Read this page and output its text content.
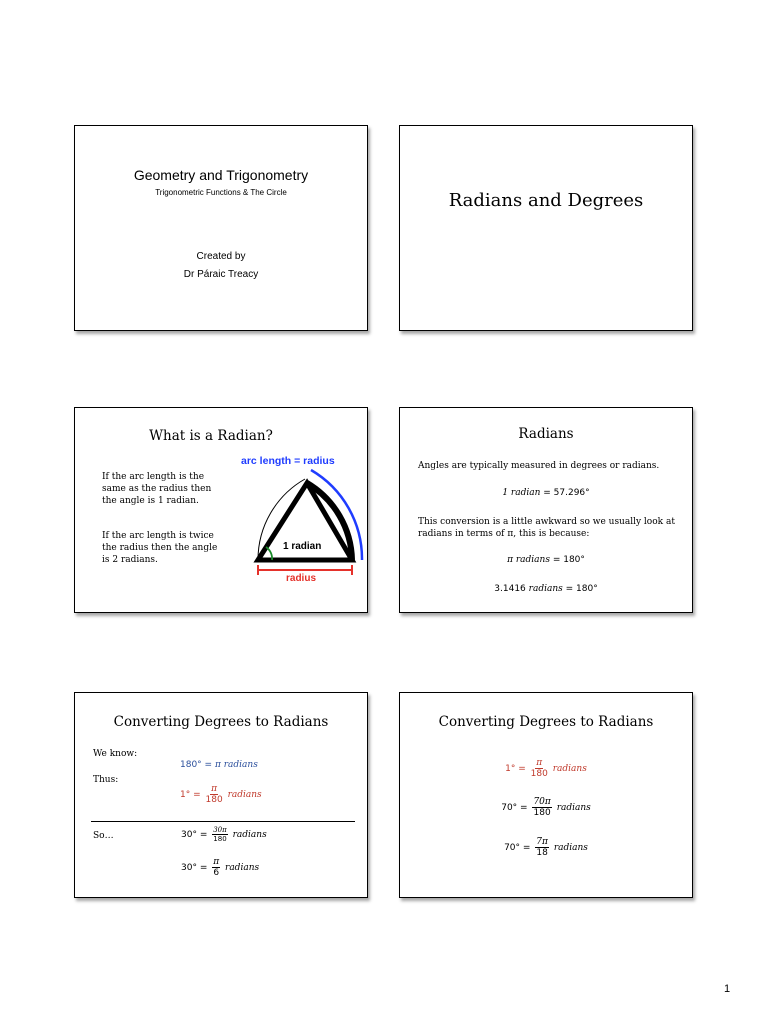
Geometry and Trigonometry
Trigonometric Functions & The Circle
Created by
Dr Páraic Treacy
Radians and Degrees
What is a Radian?
If the arc length is the same as the radius then the angle is 1 radian.
If the arc length is twice the radius then the angle is 2 radians.
arc length = radius
1 radian
radius
Radians
Angles are typically measured in degrees or radians.
1 radian = 57.296°
This conversion is a little awkward so we usually look at radians in terms of π, this is because:
π radians = 180°
3.1416 radians = 180°
Converting Degrees to Radians
We know:
180° = π radians
Thus:
$1^\circ = \frac{\pi}{180}$ radians
So…	$30^\circ = \frac{30\pi}{180}$ radians
$30^\circ = \frac{\pi}{6}$ radians
Converting Degrees to Radians
$1^\circ = \frac{\pi}{180}$ radians
$70^\circ = \frac{70\pi}{180}$ radians
$70^\circ = \frac{7\pi}{18}$ radians
1
